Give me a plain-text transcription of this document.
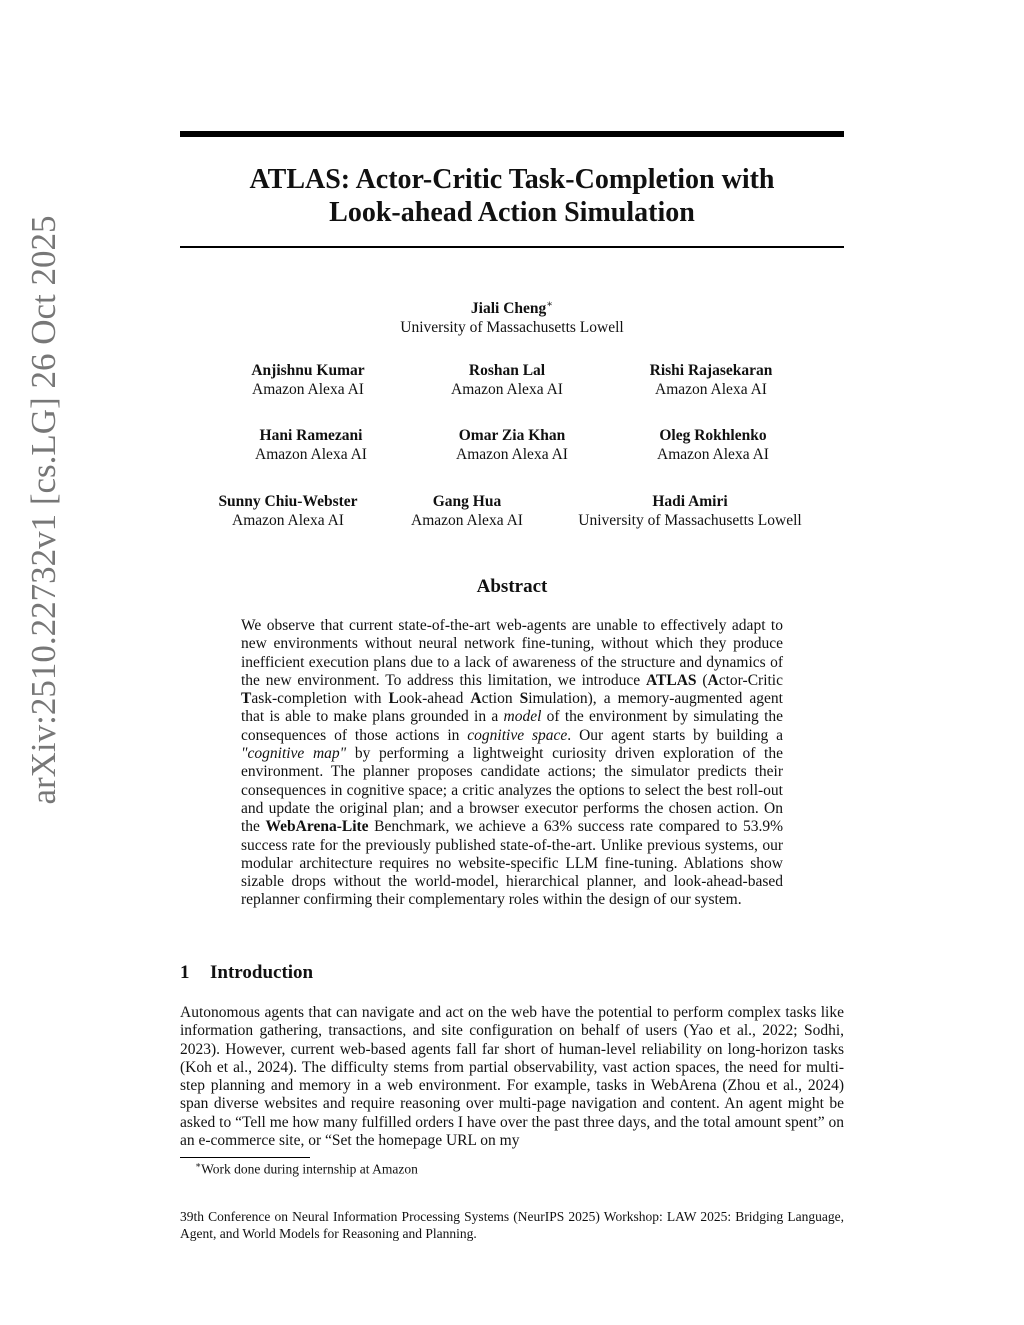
arXiv:2510.22732v1 [cs.LG] 26 Oct 2025
ATLAS: Actor-Critic Task-Completion with
Look-ahead Action Simulation
Jiali Cheng∗
University of Massachusetts Lowell
Anjishnu Kumar
Amazon Alexa AI
Roshan Lal
Amazon Alexa AI
Rishi Rajasekaran
Amazon Alexa AI
Hani Ramezani
Amazon Alexa AI
Omar Zia Khan
Amazon Alexa AI
Oleg Rokhlenko
Amazon Alexa AI
Sunny Chiu-Webster
Amazon Alexa AI
Gang Hua
Amazon Alexa AI
Hadi Amiri
University of Massachusetts Lowell
Abstract

We observe that current state-of-the-art web-agents are unable to effectively adapt to new environments without neural network fine-tuning, without which they produce inefficient execution plans due to a lack of awareness of the structure and dynamics of the new environment. To address this limitation, we introduce ATLAS (Actor-Critic Task-completion with Look-ahead Action Simulation), a memory-augmented agent that is able to make plans grounded in a model of the environment by simulating the consequences of those actions in cognitive space. Our agent starts by building a "cognitive map" by performing a lightweight curiosity driven exploration of the environment. The planner proposes candidate actions; the simulator predicts their consequences in cognitive space; a critic analyzes the options to select the best roll-out and update the original plan; and a browser executor performs the chosen action. On the WebArena-Lite Benchmark, we achieve a 63% success rate compared to 53.9% success rate for the previously published state-of-the-art. Unlike previous systems, our modular architecture requires no website-specific LLM fine-tuning. Ablations show sizable drops without the world-model, hierarchical planner, and look-ahead-based replanner confirming their complementary roles within the design of our system.

1 Introduction

Autonomous agents that can navigate and act on the web have the potential to perform complex tasks like information gathering, transactions, and site configuration on behalf of users (Yao et al., 2022; Sodhi, 2023). However, current web-based agents fall far short of human-level reliability on long-horizon tasks (Koh et al., 2024). The difficulty stems from partial observability, vast action spaces, the need for multi-step planning and memory in a web environment. For example, tasks in WebArena (Zhou et al., 2024) span diverse websites and require reasoning over multi-page navigation and content. An agent might be asked to “Tell me how many fulfilled orders I have over the past three days, and the total amount spent” on an e-commerce site, or “Set the homepage URL on my

∗Work done during internship at Amazon

39th Conference on Neural Information Processing Systems (NeurIPS 2025) Workshop: LAW 2025: Bridging Language, Agent, and World Models for Reasoning and Planning.
